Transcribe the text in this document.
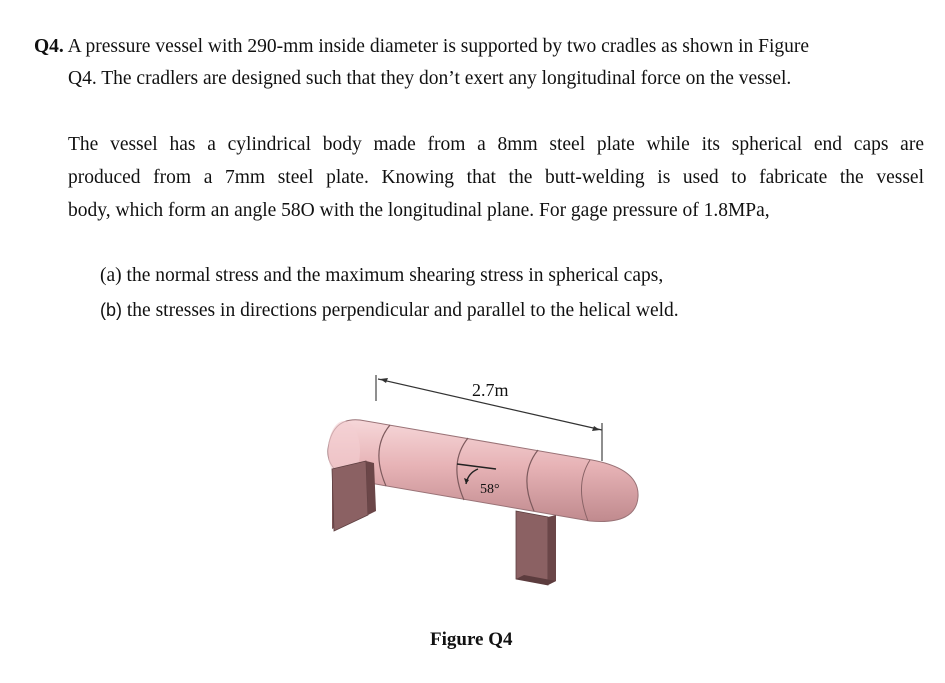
Q4. A pressure vessel with 290-mm inside diameter is supported by two cradles as shown in Figure
Q4. The cradlers are designed such that they don’t exert any longitudinal force on the vessel.
The vessel has a cylindrical body made from a 8mm steel plate while its spherical end caps are
produced from a 7mm steel plate. Knowing that the butt-welding is used to fabricate the vessel
body, which form an angle 58O with the longitudinal plane. For gage pressure of 1.8MPa,
(a) the normal stress and the maximum shearing stress in spherical caps,
(b) the stresses in directions perpendicular and parallel to the helical weld.
2.7m
58°
Figure Q4
